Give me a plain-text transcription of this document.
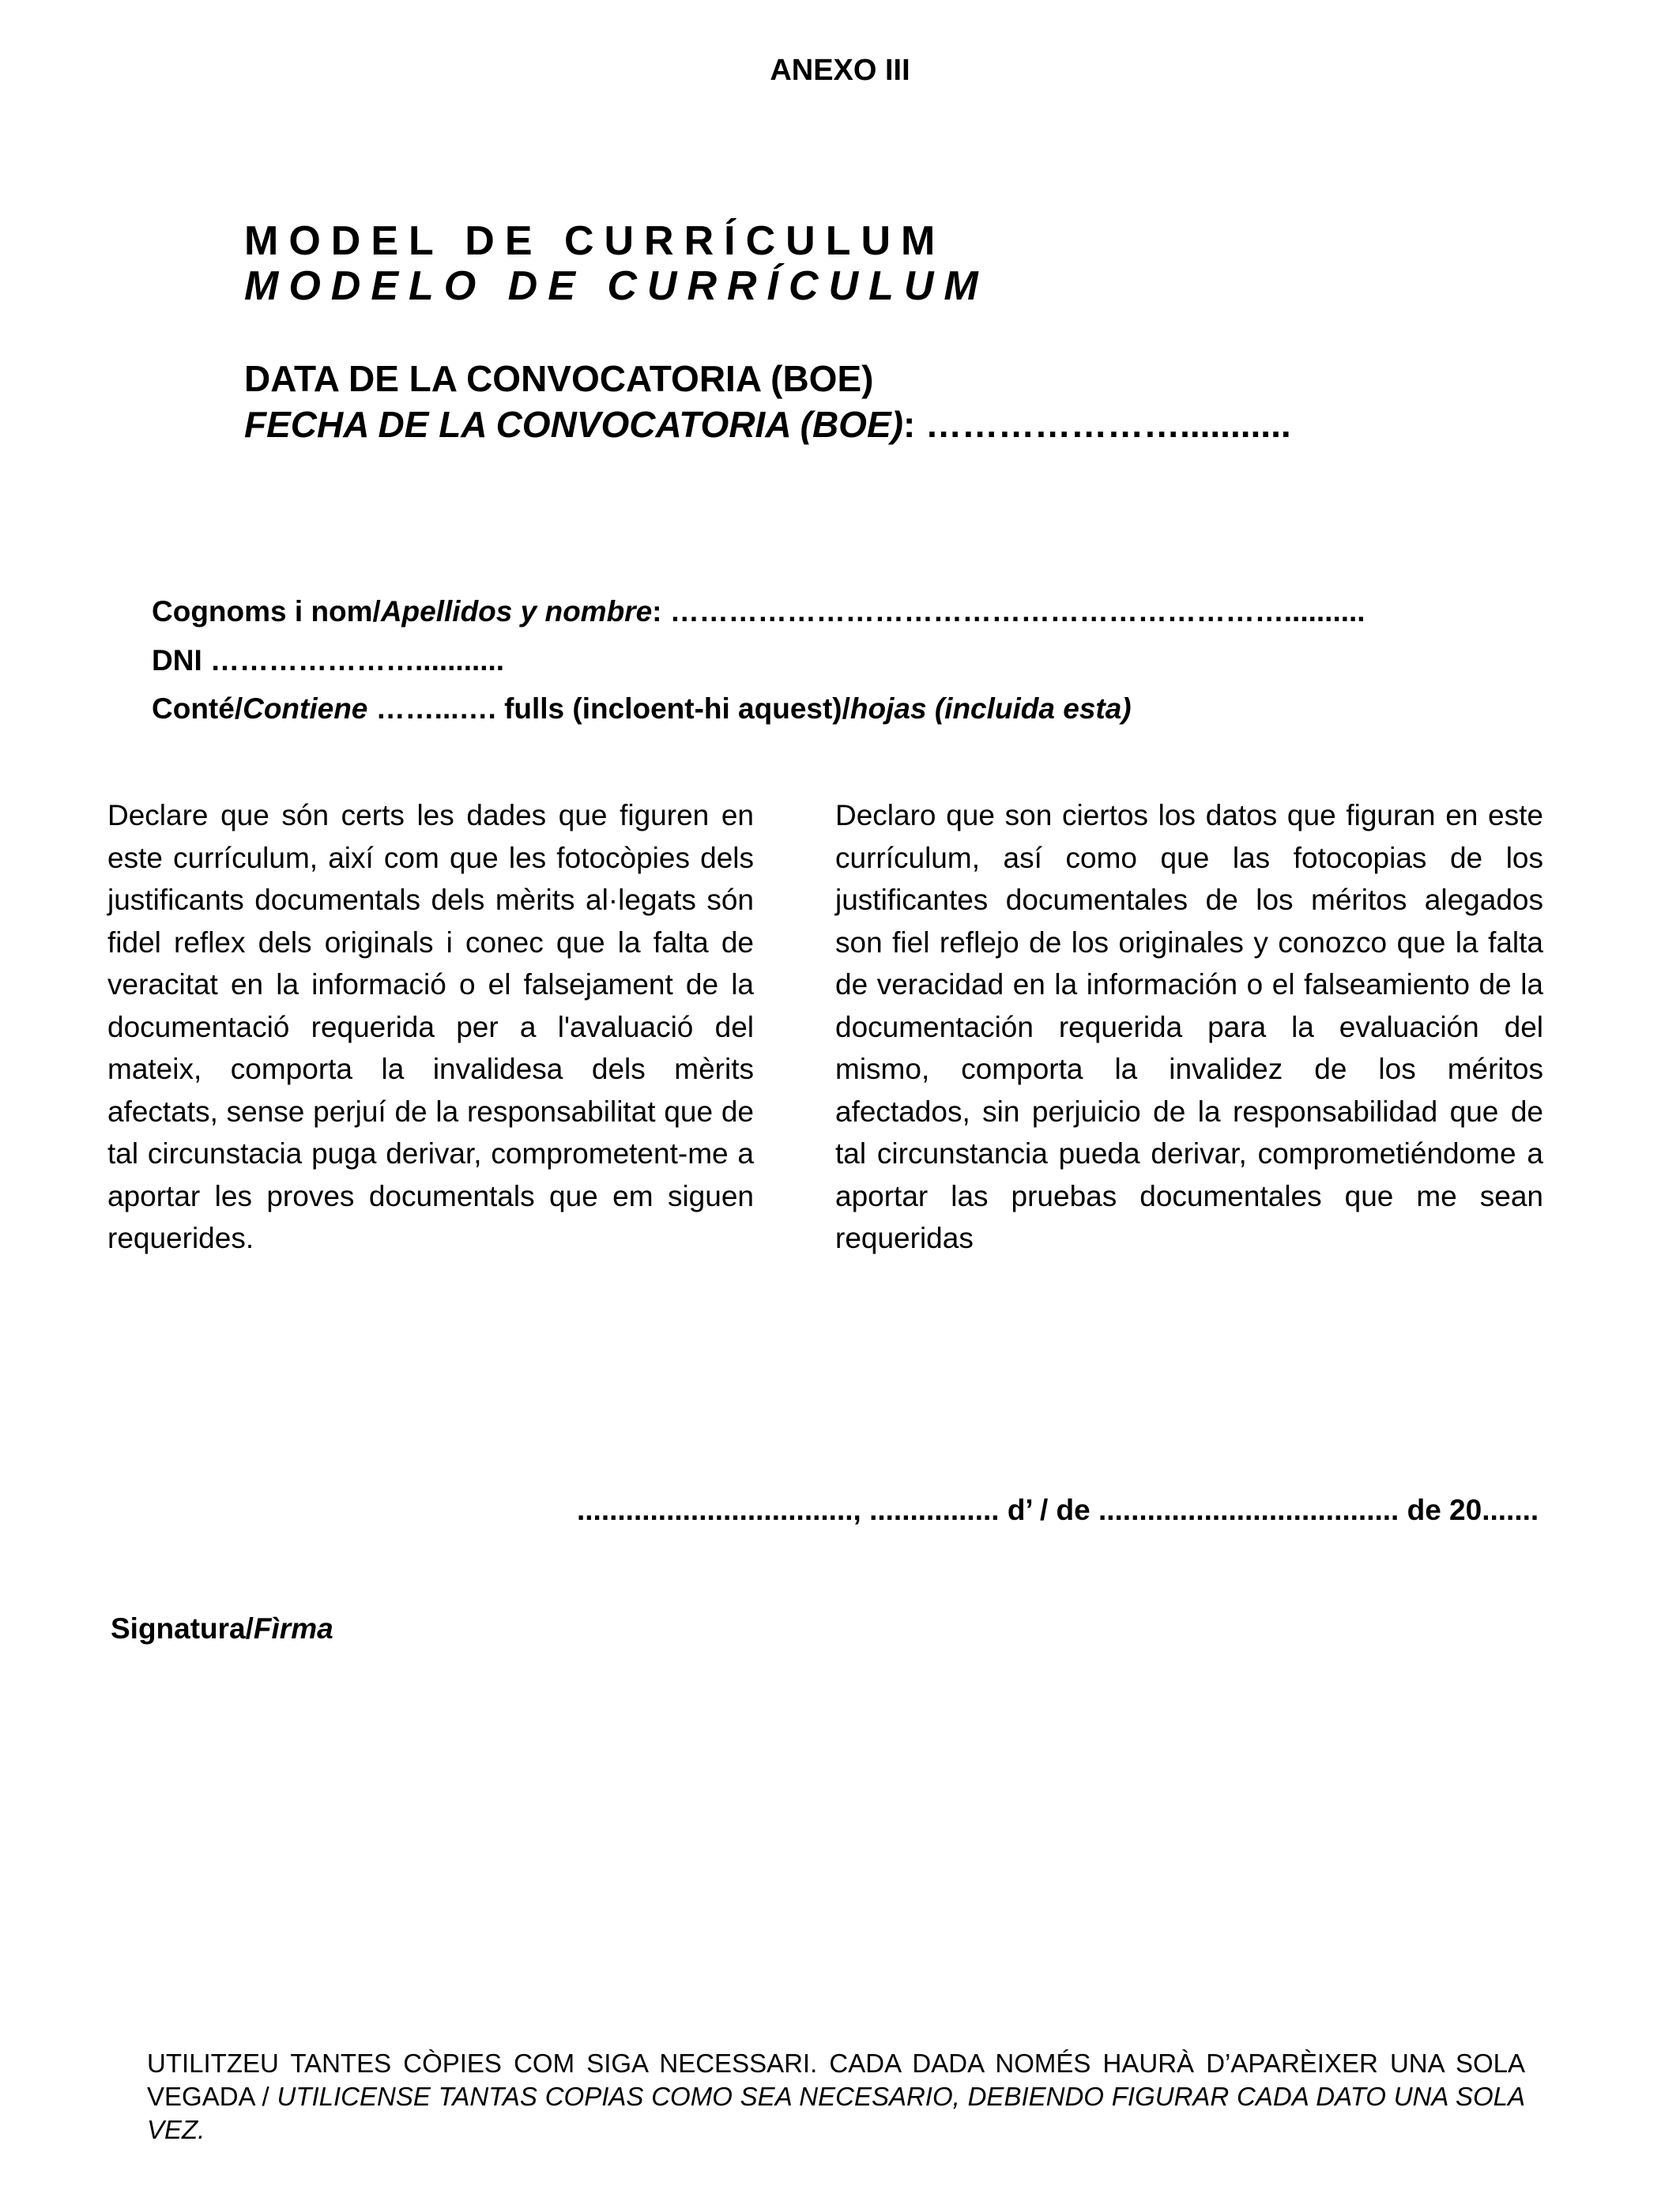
ANEXO III
MODEL DE CURRÍCULUM
MODELO DE CURRÍCULUM
DATA DE LA CONVOCATORIA (BOE)
FECHA DE LA CONVOCATORIA (BOE): …………………...........
Cognoms i nom/Apellidos y nombre: ………………………………………………………..........
DNI …………………...........
Conté/Contiene ……...…. fulls (incloent-hi aquest)/hojas (incluida esta)
Declare que són certs les dades que figuren en este currículum, així com que les fotocòpies dels justificants documentals dels mèrits al·legats són fidel reflex dels originals i conec que la falta de veracitat en la informació o el falsejament de la documentació requerida per a l'avaluació del mateix, comporta la invalidesa dels mèrits afectats, sense perjuí de la responsabilitat que de tal circunstacia puga derivar, comprometent-me a aportar les proves documentals que em siguen requerides.
Declaro que son ciertos los datos que figuran en este currículum, así como que las fotocopias de los justificantes documentales de los méritos alegados son fiel reflejo de los originales y conozco que la falta de veracidad en la información o el falseamiento de la documentación requerida para la evaluación del mismo, comporta la invalidez de los méritos afectados, sin perjuicio de la responsabilidad que de tal circunstancia pueda derivar, comprometiéndome a aportar las pruebas documentales que me sean requeridas
.................................., ................ d’ / de ..................................... de 20.......
Signatura/Fìrma
UTILITZEU TANTES CÒPIES COM SIGA NECESSARI. CADA DADA NOMÉS HAURÀ D’APARÈIXER UNA SOLA VEGADA / UTILICENSE TANTAS COPIAS COMO SEA NECESARIO, DEBIENDO FIGURAR CADA DATO UNA SOLA VEZ.
